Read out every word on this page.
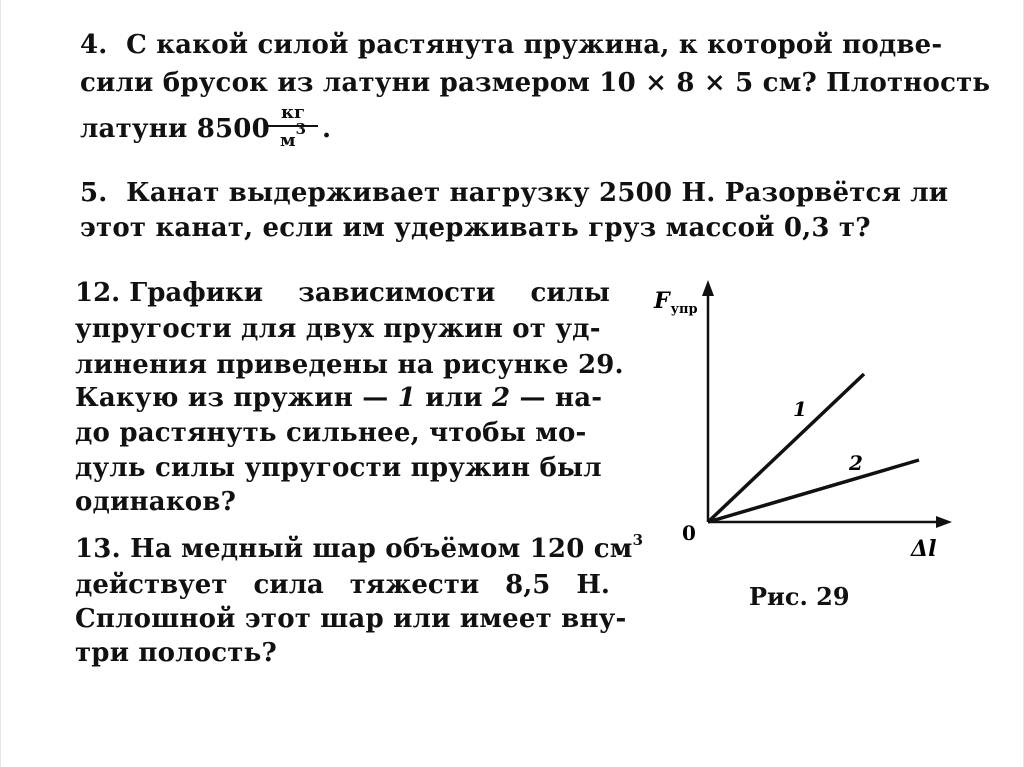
4. С какой силой растянута пружина, к которой подве-
сили брусок из латуни размером 10 × 8 × 5 см? Плотность
латуни 8500
кг
$м^3$ .
5. Канат выдерживает нагрузку 2500 Н. Разорвётся ли
этот канат, если им удерживать груз массой 0,3 т?
12. Графики зависимости силы
упругости для двух пружин от уд-
линения приведены на рисунке 29.
Какую из пружин — 1 или 2 — на-
до растянуть сильнее, чтобы мо-
дуль силы упругости пружин был
одинаков?
13. На медный шар объёмом 120 $см^3$
действует сила тяжести 8,5 Н.
Сплошной этот шар или имеет вну-
три полость?
$F_{упр}$
Δl
0
1
2
Рис. 29
